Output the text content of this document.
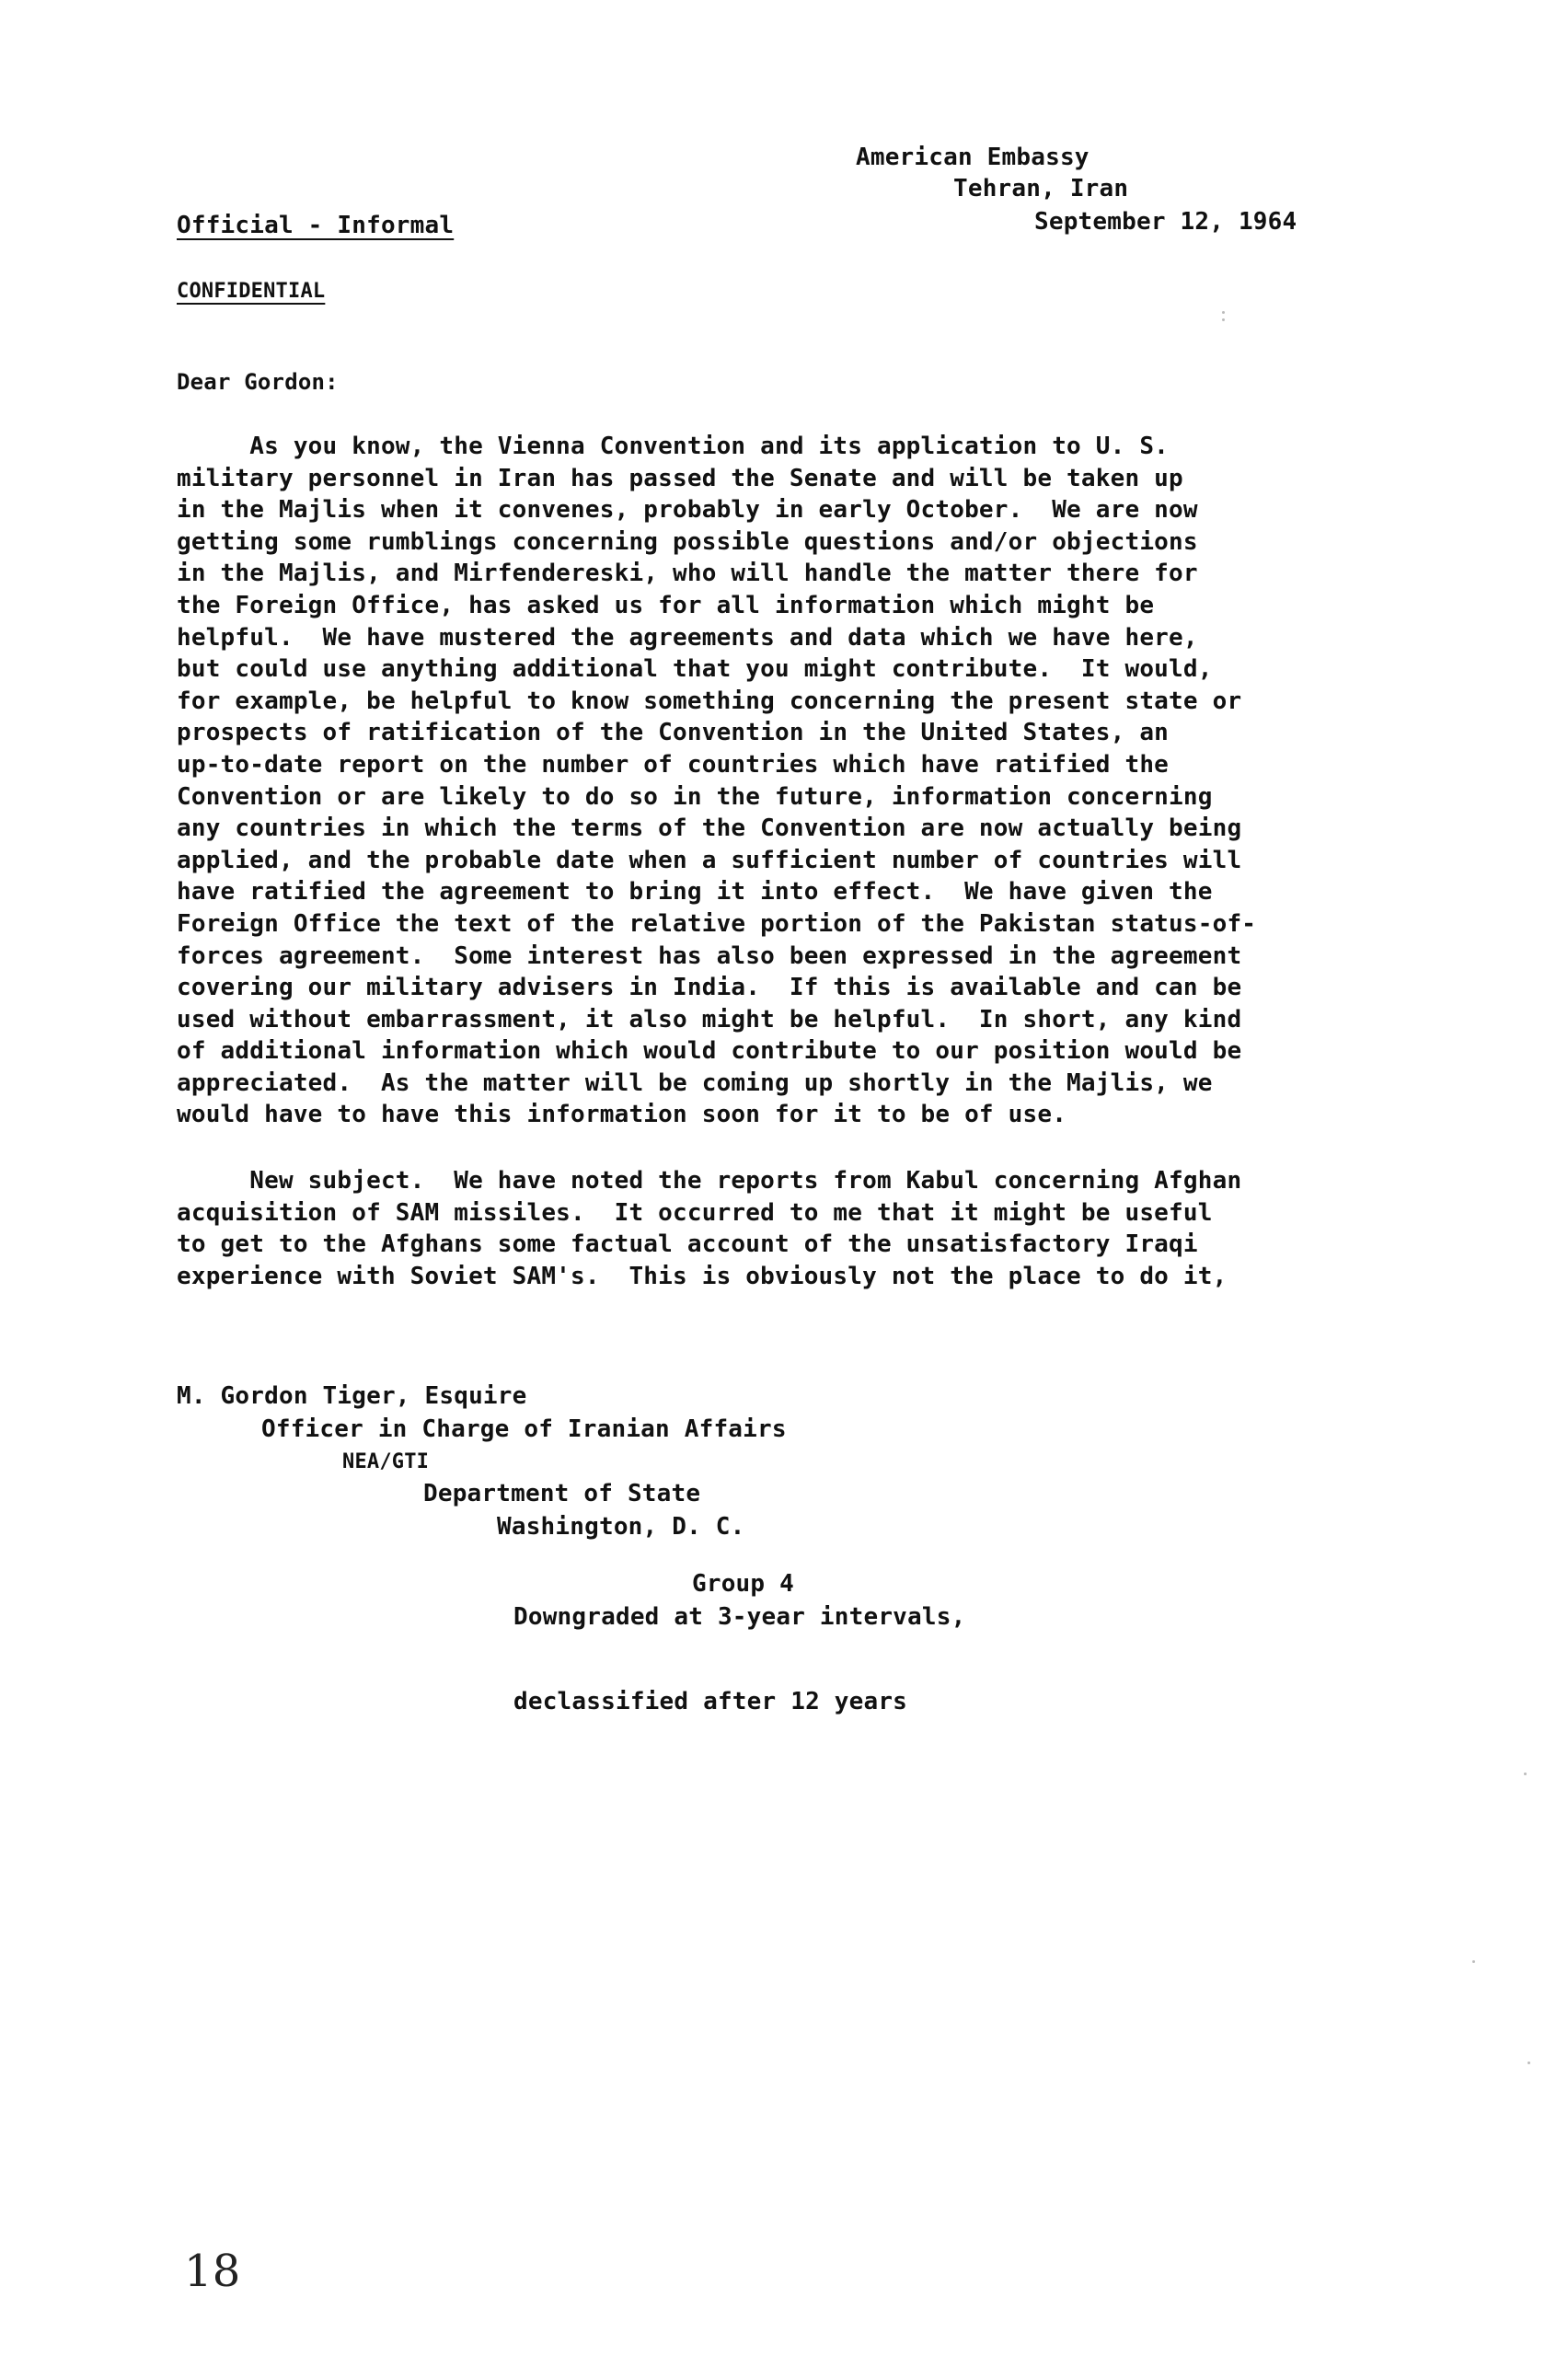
American Embassy
Tehran, Iran
September 12, 1964
Official - Informal
CONFIDENTIAL
Dear Gordon:
As you know, the Vienna Convention and its application to U. S.
military personnel in Iran has passed the Senate and will be taken up
in the Majlis when it convenes, probably in early October.  We are now
getting some rumblings concerning possible questions and/or objections
in the Majlis, and Mirfendereski, who will handle the matter there for
the Foreign Office, has asked us for all information which might be
helpful.  We have mustered the agreements and data which we have here,
but could use anything additional that you might contribute.  It would,
for example, be helpful to know something concerning the present state or
prospects of ratification of the Convention in the United States, an
up-to-date report on the number of countries which have ratified the
Convention or are likely to do so in the future, information concerning
any countries in which the terms of the Convention are now actually being
applied, and the probable date when a sufficient number of countries will
have ratified the agreement to bring it into effect.  We have given the
Foreign Office the text of the relative portion of the Pakistan status-of-
forces agreement.  Some interest has also been expressed in the agreement
covering our military advisers in India.  If this is available and can be
used without embarrassment, it also might be helpful.  In short, any kind
of additional information which would contribute to our position would be
appreciated.  As the matter will be coming up shortly in the Majlis, we
would have to have this information soon for it to be of use.
New subject.  We have noted the reports from Kabul concerning Afghan
acquisition of SAM missiles.  It occurred to me that it might be useful
to get to the Afghans some factual account of the unsatisfactory Iraqi
experience with Soviet SAM's.  This is obviously not the place to do it,
M. Gordon Tiger, Esquire
Officer in Charge of Iranian Affairs
NEA/GTI
Department of State
Washington, D. C.
Group 4
Downgraded at 3-year intervals,

declassified after 12 years

18
